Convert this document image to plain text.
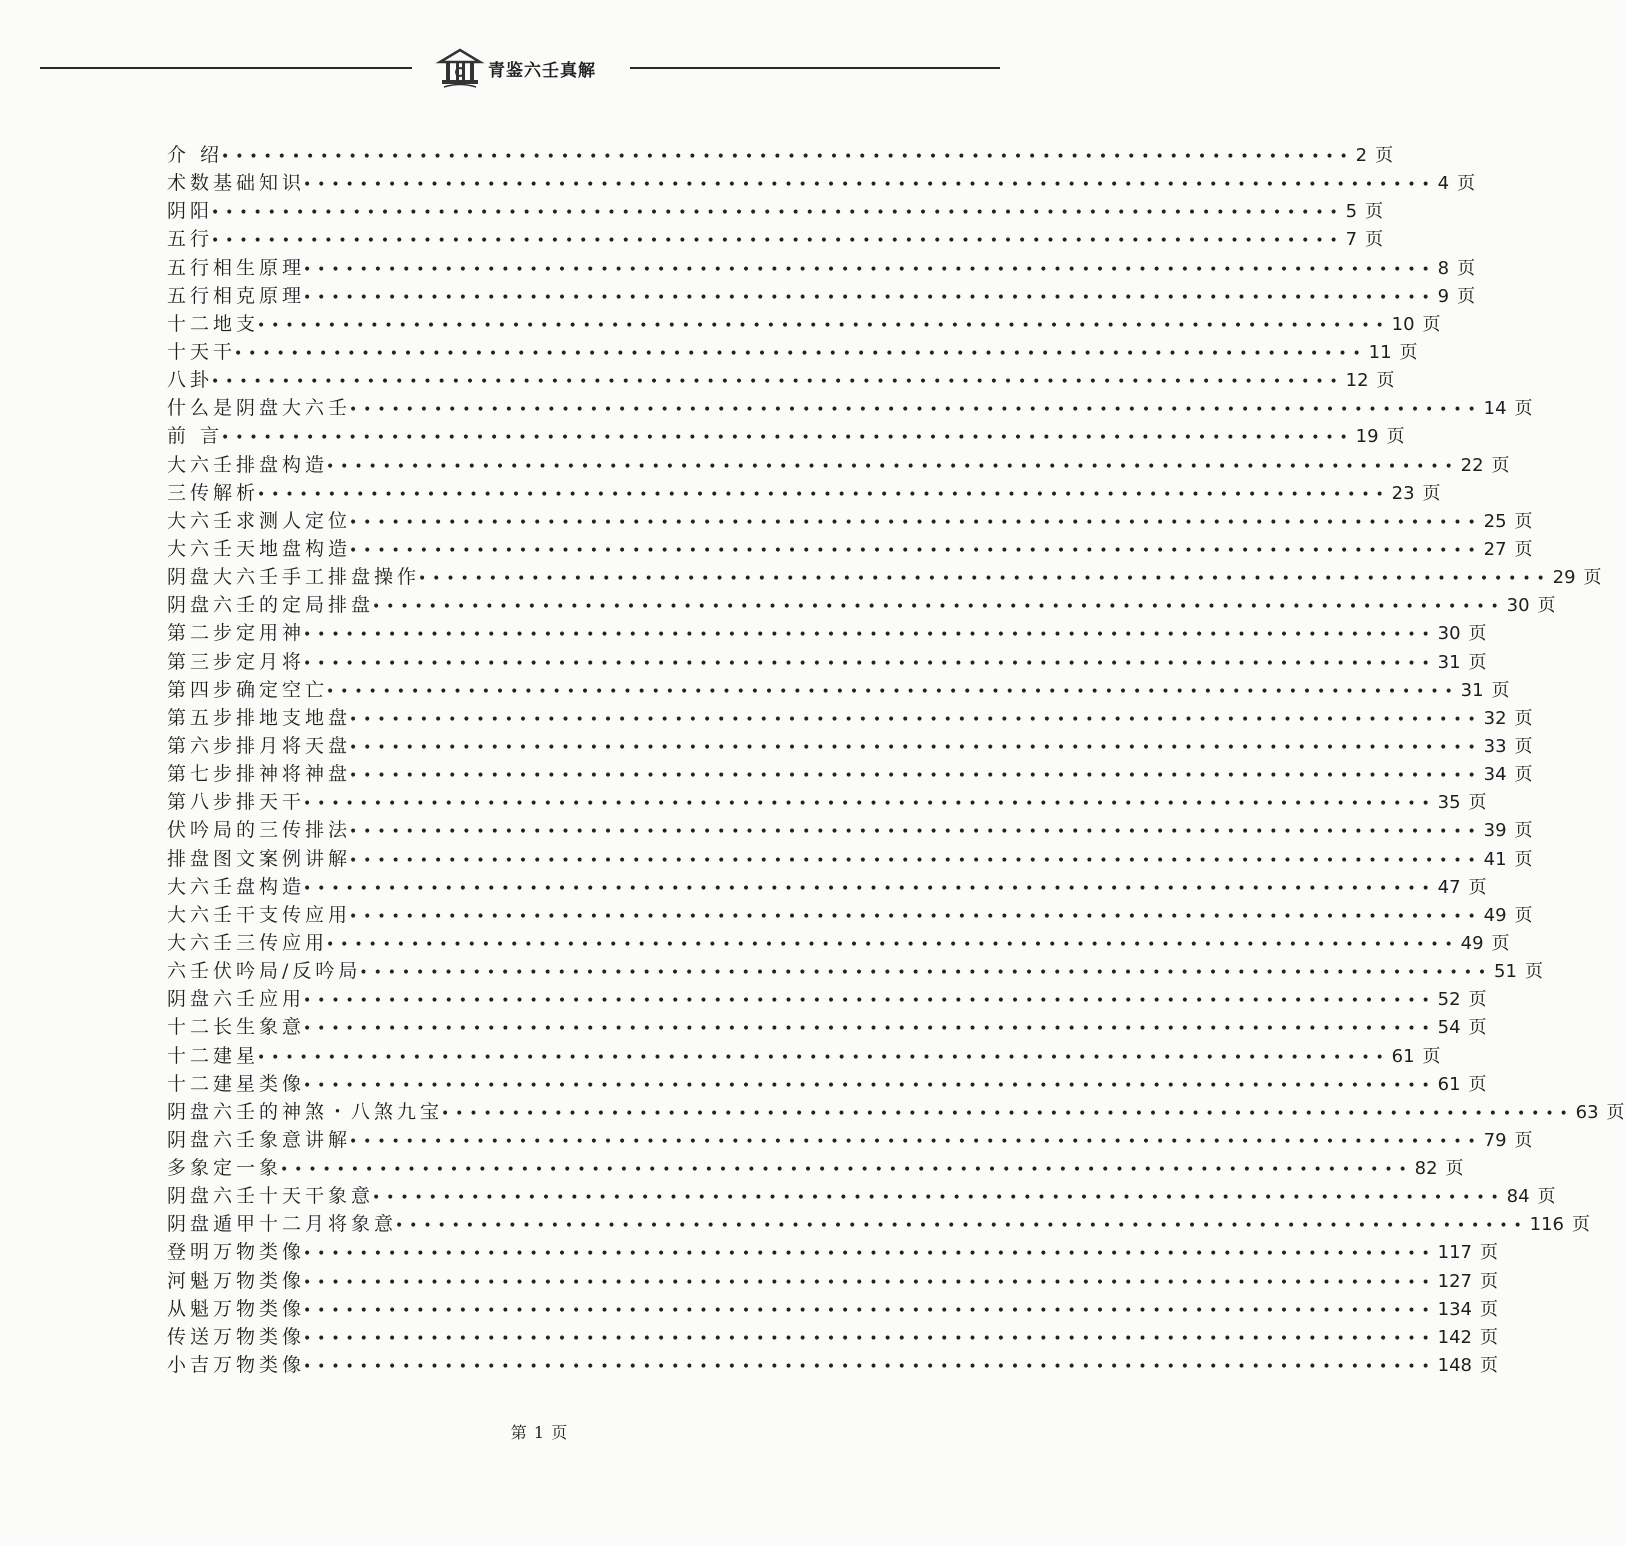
青鉴六壬真解
介 绍
•••••••••••••••••••••••••••••••••••••••••••••••••••••••••••••••••••••••••••••••• 2 页
术数基础知识
•••••••••••••••••••••••••••••••••••••••••••••••••••••••••••••••••••••••••••••••• 4 页
阴阳
•••••••••••••••••••••••••••••••••••••••••••••••••••••••••••••••••••••••••••••••• 5 页
五行
•••••••••••••••••••••••••••••••••••••••••••••••••••••••••••••••••••••••••••••••• 7 页
五行相生原理
•••••••••••••••••••••••••••••••••••••••••••••••••••••••••••••••••••••••••••••••• 8 页
五行相克原理
•••••••••••••••••••••••••••••••••••••••••••••••••••••••••••••••••••••••••••••••• 9 页
十二地支
•••••••••••••••••••••••••••••••••••••••••••••••••••••••••••••••••••••••••••••••• 10 页
十天干
•••••••••••••••••••••••••••••••••••••••••••••••••••••••••••••••••••••••••••••••• 11 页
八卦
•••••••••••••••••••••••••••••••••••••••••••••••••••••••••••••••••••••••••••••••• 12 页
什么是阴盘大六壬
•••••••••••••••••••••••••••••••••••••••••••••••••••••••••••••••••••••••••••••••• 14 页
前 言
•••••••••••••••••••••••••••••••••••••••••••••••••••••••••••••••••••••••••••••••• 19 页
大六壬排盘构造
•••••••••••••••••••••••••••••••••••••••••••••••••••••••••••••••••••••••••••••••• 22 页
三传解析
•••••••••••••••••••••••••••••••••••••••••••••••••••••••••••••••••••••••••••••••• 23 页
大六壬求测人定位
•••••••••••••••••••••••••••••••••••••••••••••••••••••••••••••••••••••••••••••••• 25 页
大六壬天地盘构造
•••••••••••••••••••••••••••••••••••••••••••••••••••••••••••••••••••••••••••••••• 27 页
阴盘大六壬手工排盘操作
•••••••••••••••••••••••••••••••••••••••••••••••••••••••••••••••••••••••••••••••• 29 页
阴盘六壬的定局排盘
•••••••••••••••••••••••••••••••••••••••••••••••••••••••••••••••••••••••••••••••• 30 页
第二步定用神
•••••••••••••••••••••••••••••••••••••••••••••••••••••••••••••••••••••••••••••••• 30 页
第三步定月将
•••••••••••••••••••••••••••••••••••••••••••••••••••••••••••••••••••••••••••••••• 31 页
第四步确定空亡
•••••••••••••••••••••••••••••••••••••••••••••••••••••••••••••••••••••••••••••••• 31 页
第五步排地支地盘
•••••••••••••••••••••••••••••••••••••••••••••••••••••••••••••••••••••••••••••••• 32 页
第六步排月将天盘
•••••••••••••••••••••••••••••••••••••••••••••••••••••••••••••••••••••••••••••••• 33 页
第七步排神将神盘
•••••••••••••••••••••••••••••••••••••••••••••••••••••••••••••••••••••••••••••••• 34 页
第八步排天干
•••••••••••••••••••••••••••••••••••••••••••••••••••••••••••••••••••••••••••••••• 35 页
伏吟局的三传排法
•••••••••••••••••••••••••••••••••••••••••••••••••••••••••••••••••••••••••••••••• 39 页
排盘图文案例讲解
•••••••••••••••••••••••••••••••••••••••••••••••••••••••••••••••••••••••••••••••• 41 页
大六壬盘构造
•••••••••••••••••••••••••••••••••••••••••••••••••••••••••••••••••••••••••••••••• 47 页
大六壬干支传应用
•••••••••••••••••••••••••••••••••••••••••••••••••••••••••••••••••••••••••••••••• 49 页
大六壬三传应用
•••••••••••••••••••••••••••••••••••••••••••••••••••••••••••••••••••••••••••••••• 49 页
六壬伏吟局/反吟局
•••••••••••••••••••••••••••••••••••••••••••••••••••••••••••••••••••••••••••••••• 51 页
阴盘六壬应用
•••••••••••••••••••••••••••••••••••••••••••••••••••••••••••••••••••••••••••••••• 52 页
十二长生象意
•••••••••••••••••••••••••••••••••••••••••••••••••••••••••••••••••••••••••••••••• 54 页
十二建星
•••••••••••••••••••••••••••••••••••••••••••••••••••••••••••••••••••••••••••••••• 61 页
十二建星类像
•••••••••••••••••••••••••••••••••••••••••••••••••••••••••••••••••••••••••••••••• 61 页
阴盘六壬的神煞・八煞九宝
•••••••••••••••••••••••••••••••••••••••••••••••••••••••••••••••••••••••••••••••• 63 页
阴盘六壬象意讲解
•••••••••••••••••••••••••••••••••••••••••••••••••••••••••••••••••••••••••••••••• 79 页
多象定一象
•••••••••••••••••••••••••••••••••••••••••••••••••••••••••••••••••••••••••••••••• 82 页
阴盘六壬十天干象意
•••••••••••••••••••••••••••••••••••••••••••••••••••••••••••••••••••••••••••••••• 84 页
阴盘遁甲十二月将象意
•••••••••••••••••••••••••••••••••••••••••••••••••••••••••••••••••••••••••••••••• 116 页
登明万物类像
•••••••••••••••••••••••••••••••••••••••••••••••••••••••••••••••••••••••••••••••• 117 页
河魁万物类像
•••••••••••••••••••••••••••••••••••••••••••••••••••••••••••••••••••••••••••••••• 127 页
从魁万物类像
•••••••••••••••••••••••••••••••••••••••••••••••••••••••••••••••••••••••••••••••• 134 页
传送万物类像
•••••••••••••••••••••••••••••••••••••••••••••••••••••••••••••••••••••••••••••••• 142 页
小吉万物类像
•••••••••••••••••••••••••••••••••••••••••••••••••••••••••••••••••••••••••••••••• 148 页
第 1 页
